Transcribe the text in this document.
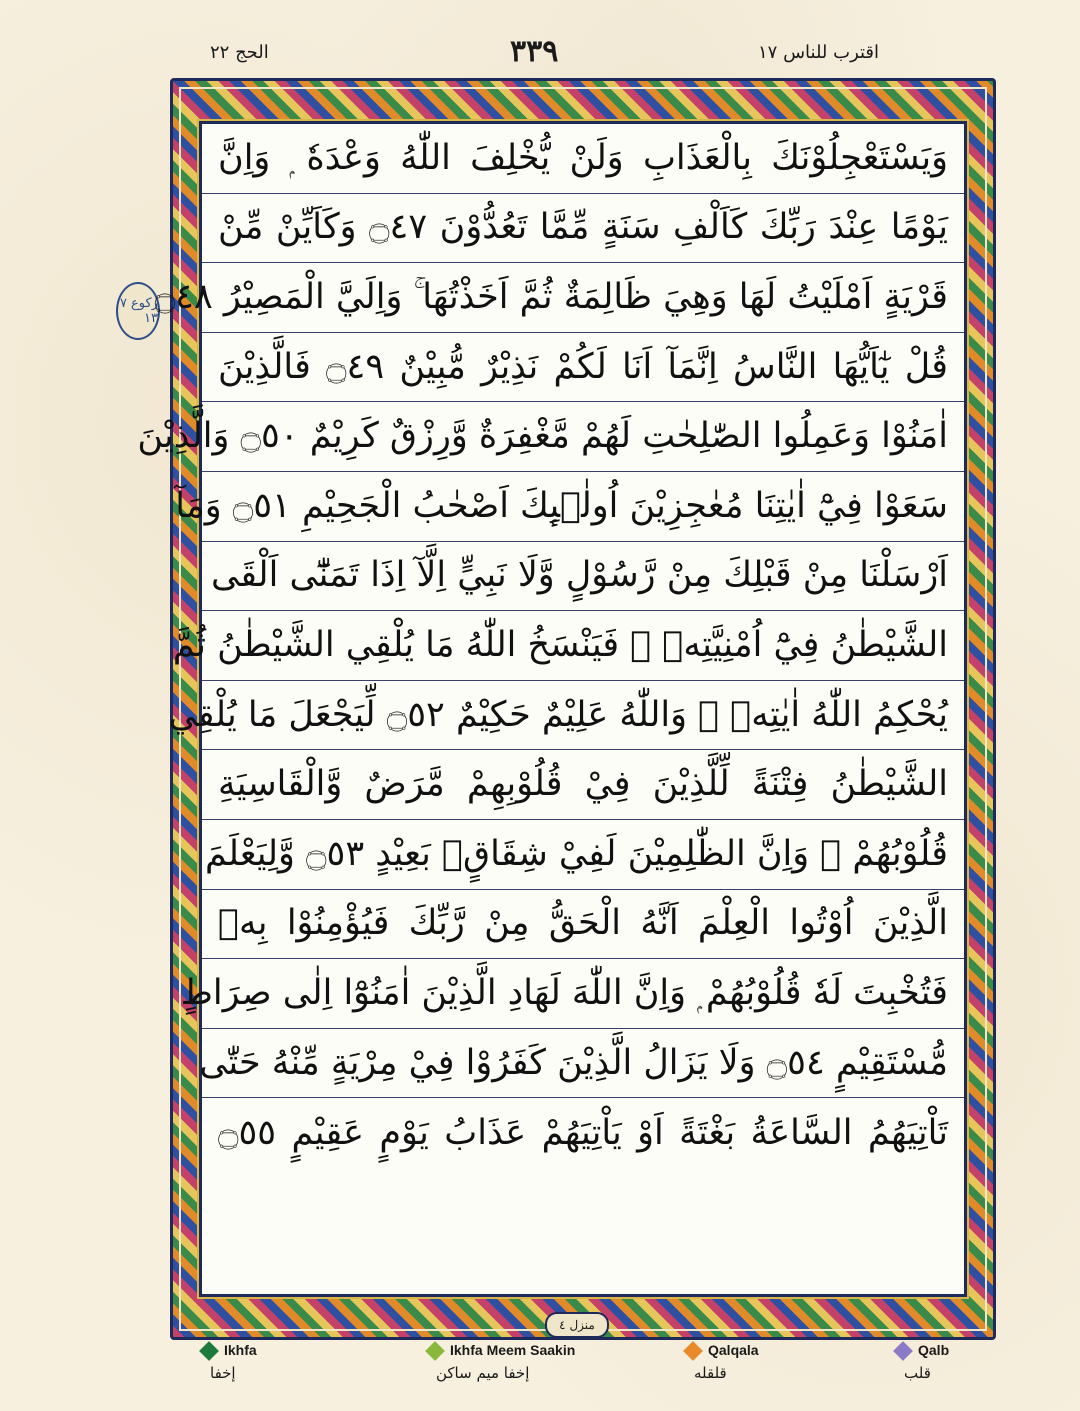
الحج ٢٢	٣٣٩	اقترب للناس ١٧
رکوع ٧ ١٣
وَيَسْتَعْجِلُوْنَكَ بِالْعَذَابِ وَلَنْ يُّخْلِفَ اللّٰهُ وَعْدَهٗ ۭ وَاِنَّ
يَوْمًا عِنْدَ رَبِّكَ كَاَلْفِ سَنَةٍ مِّمَّا تَعُدُّوْنَ ۝٤٧ وَكَاَيِّنْ مِّنْ
قَرْيَةٍ اَمْلَيْتُ لَهَا وَهِيَ ظَالِمَةٌ ثُمَّ اَخَذْتُهَا ۚ وَاِلَيَّ الْمَصِيْرُ ۝٤٨
قُلْ يٰٓاَيُّهَا النَّاسُ اِنَّمَآ اَنَا لَكُمْ نَذِيْرٌ مُّبِيْنٌ ۝٤٩ فَالَّذِيْنَ
اٰمَنُوْا وَعَمِلُوا الصّٰلِحٰتِ لَهُمْ مَّغْفِرَةٌ وَّرِزْقٌ كَرِيْمٌ ۝٥٠ وَالَّذِيْنَ
سَعَوْا فِيْٓ اٰيٰتِنَا مُعٰجِزِيْنَ اُولٰۗىِٕكَ اَصْحٰبُ الْجَحِيْمِ ۝٥١ وَمَآ
اَرْسَلْنَا مِنْ قَبْلِكَ مِنْ رَّسُوْلٍ وَّلَا نَبِيٍّ اِلَّآ اِذَا تَمَنّٰٓى اَلْقَى
الشَّيْطٰنُ فِيْٓ اُمْنِيَّتِهٖ ۚ فَيَنْسَخُ اللّٰهُ مَا يُلْقِي الشَّيْطٰنُ ثُمَّ
يُحْكِمُ اللّٰهُ اٰيٰتِهٖ ۭ وَاللّٰهُ عَلِيْمٌ حَكِيْمٌ ۝٥٢ لِّيَجْعَلَ مَا يُلْقِي
الشَّيْطٰنُ فِتْنَةً لِّلَّذِيْنَ فِيْ قُلُوْبِهِمْ مَّرَضٌ وَّالْقَاسِيَةِ
قُلُوْبُهُمْ ۭ وَاِنَّ الظّٰلِمِيْنَ لَفِيْ شِقَاقٍۢ بَعِيْدٍ ۝٥٣ وَّلِيَعْلَمَ
الَّذِيْنَ اُوْتُوا الْعِلْمَ اَنَّهُ الْحَقُّ مِنْ رَّبِّكَ فَيُؤْمِنُوْا بِهٖ
فَتُخْبِتَ لَهٗ قُلُوْبُهُمْ ۭ وَاِنَّ اللّٰهَ لَهَادِ الَّذِيْنَ اٰمَنُوْٓا اِلٰى صِرَاطٍ
مُّسْتَقِيْمٍ ۝٥٤ وَلَا يَزَالُ الَّذِيْنَ كَفَرُوْا فِيْ مِرْيَةٍ مِّنْهُ حَتّٰى
تَاْتِيَهُمُ السَّاعَةُ بَغْتَةً اَوْ يَاْتِيَهُمْ عَذَابُ يَوْمٍ عَقِيْمٍ ۝٥٥
منزل ٤
Ikhfa
إخفا
Ikhfa Meem Saakin
إخفا ميم ساكن
Qalqala
قلقله
Qalb
قلب
